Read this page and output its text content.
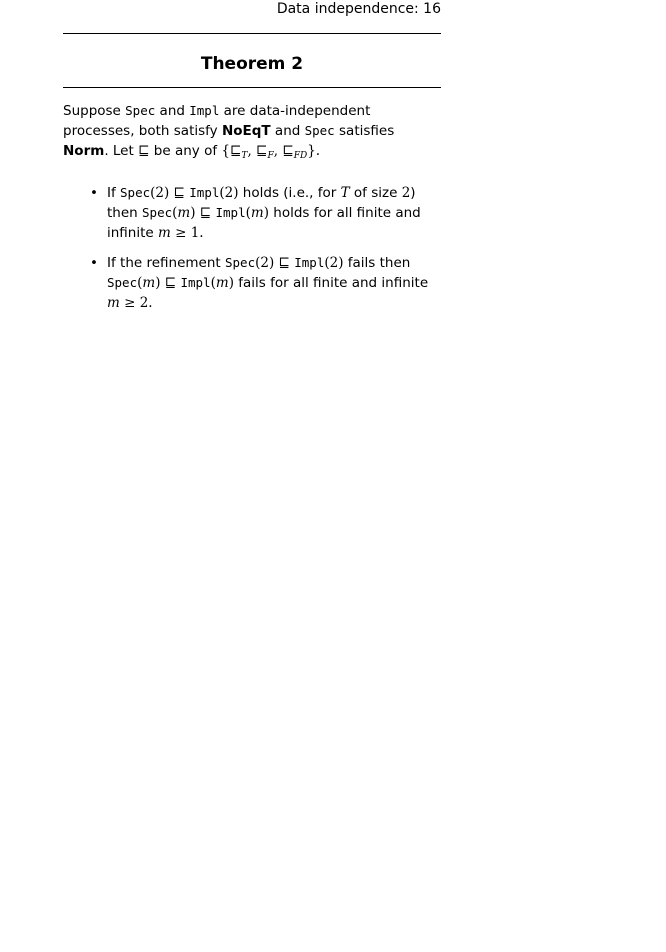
Data independence: 16
Theorem 2

Suppose Spec and Impl are data-independent processes, both satisfy NoEqT and Spec satisfies Norm. Let ⊑ be any of {$⊑_T$, $⊑_F$, $⊑_{FD}$}.

• If Spec(2) ⊑ Impl(2) holds (i.e., for T of size 2) then Spec(m) ⊑ Impl(m) holds for all finite and infinite m ≥ 1.
• If the refinement Spec(2) ⊑ Impl(2) fails then Spec(m) ⊑ Impl(m) fails for all finite and infinite m ≥ 2.
